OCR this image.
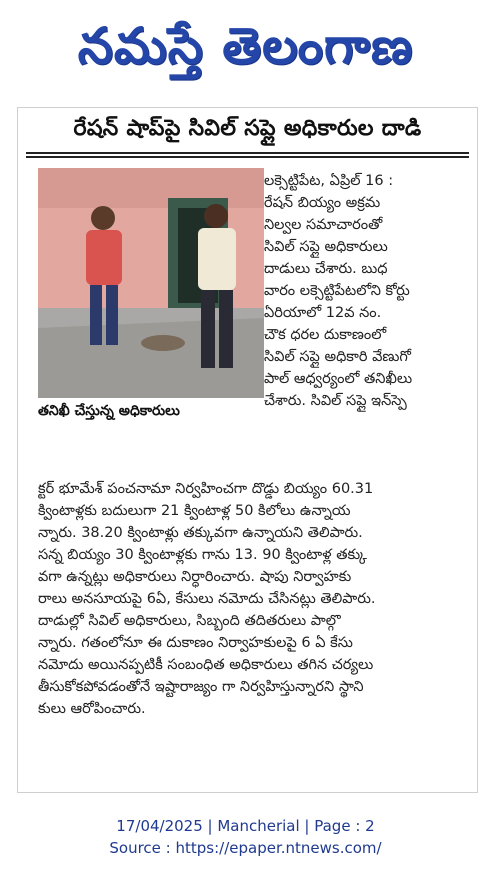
నమస్తే తెలంగాణ
రేషన్ షాప్‌పై సివిల్ సప్లై అధికారుల దాడి
తనిఖీ చేస్తున్న అధికారులు
లక్సెట్టిపేట, ఏప్రిల్ 16 :
రేషన్ బియ్యం అక్రమ
నిల్వల సమాచారంతో
సివిల్ సప్లై అధికారులు
దాడులు చేశారు. బుధ
వారం లక్సెట్టిపేటలోని కోర్టు
ఏరియాలో 12వ నం.
చౌక ధరల దుకాణంలో
సివిల్ సప్లై అధికారి వేణుగో
పాల్ ఆధ్వర్యంలో తనిఖీలు
చేశారు. సివిల్ సప్లై ఇన్‌స్పె
క్టర్ భూమేశ్ పంచనామా నిర్వహించగా దొడ్డు బియ్యం 60.31
క్వింటాళ్లకు బదులుగా 21 క్వింటాళ్ల 50 కిలోలు ఉన్నాయ
న్నారు. 38.20 క్వింటాళ్లు తక్కువగా ఉన్నాయని తెలిపారు.
సన్న బియ్యం 30 క్వింటాళ్లకు గాను 13. 90 క్వింటాళ్ల తక్కు
వగా ఉన్నట్లు అధికారులు నిర్ధారించారు. షాపు నిర్వాహకు
రాలు అనసూయపై 6ఏ, కేసులు నమోదు చేసినట్లు తెలిపారు.
దాడుల్లో సివిల్ అధికారులు, సిబ్బంది తదితరులు పాల్గొ
న్నారు. గతంలోనూ ఈ దుకాణం నిర్వాహకులపై 6 ఏ కేసు
నమోదు అయినప్పటికీ సంబంధిత అధికారులు తగిన చర్యలు
తీసుకోకపోవడంతోనే ఇష్టారాజ్యం గా నిర్వహిస్తున్నారని స్థాని
కులు ఆరోపించారు.
17/04/2025 | Mancherial | Page : 2
Source : https://epaper.ntnews.com/
